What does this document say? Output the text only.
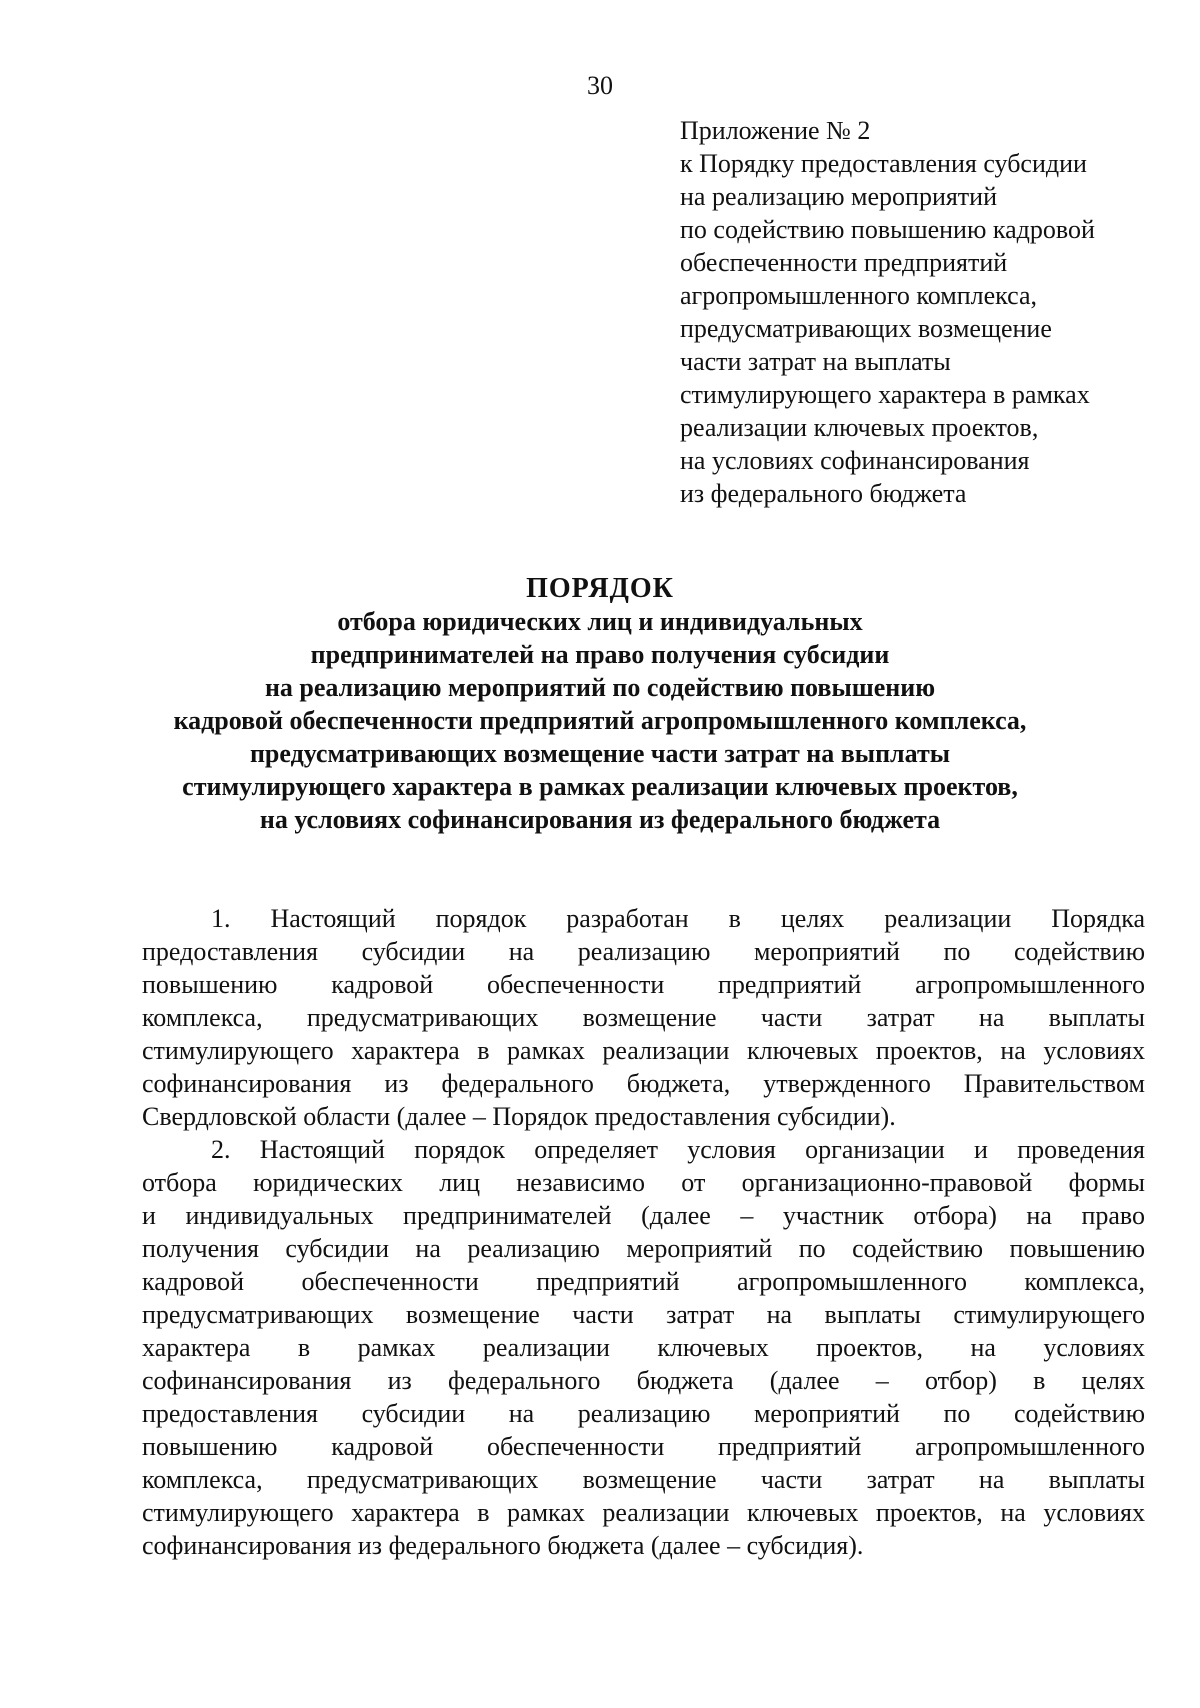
30
Приложение № 2
к Порядку предоставления субсидии
на реализацию мероприятий
по содействию повышению кадровой
обеспеченности предприятий
агропромышленного комплекса,
предусматривающих возмещение
части затрат на выплаты
стимулирующего характера в рамках
реализации ключевых проектов,
на условиях софинансирования
из федерального бюджета
ПОРЯДОК
отбора юридических лиц и индивидуальных
предпринимателей на право получения субсидии
на реализацию мероприятий по содействию повышению
кадровой обеспеченности предприятий агропромышленного комплекса,
предусматривающих возмещение части затрат на выплаты
стимулирующего характера в рамках реализации ключевых проектов,
на условиях софинансирования из федерального бюджета
1. Настоящий порядок разработан в целях реализации Порядка
предоставления субсидии на реализацию мероприятий по содействию
повышению кадровой обеспеченности предприятий агропромышленного
комплекса, предусматривающих возмещение части затрат на выплаты
стимулирующего характера в рамках реализации ключевых проектов, на условиях
софинансирования из федерального бюджета, утвержденного Правительством
Свердловской области (далее – Порядок предоставления субсидии).
2. Настоящий порядок определяет условия организации и проведения
отбора юридических лиц независимо от организационно-правовой формы
и индивидуальных предпринимателей (далее – участник отбора) на право
получения субсидии на реализацию мероприятий по содействию повышению
кадровой обеспеченности предприятий агропромышленного комплекса,
предусматривающих возмещение части затрат на выплаты стимулирующего
характера в рамках реализации ключевых проектов, на условиях
софинансирования из федерального бюджета (далее – отбор) в целях
предоставления субсидии на реализацию мероприятий по содействию
повышению кадровой обеспеченности предприятий агропромышленного
комплекса, предусматривающих возмещение части затрат на выплаты
стимулирующего характера в рамках реализации ключевых проектов, на условиях
софинансирования из федерального бюджета (далее – субсидия).
